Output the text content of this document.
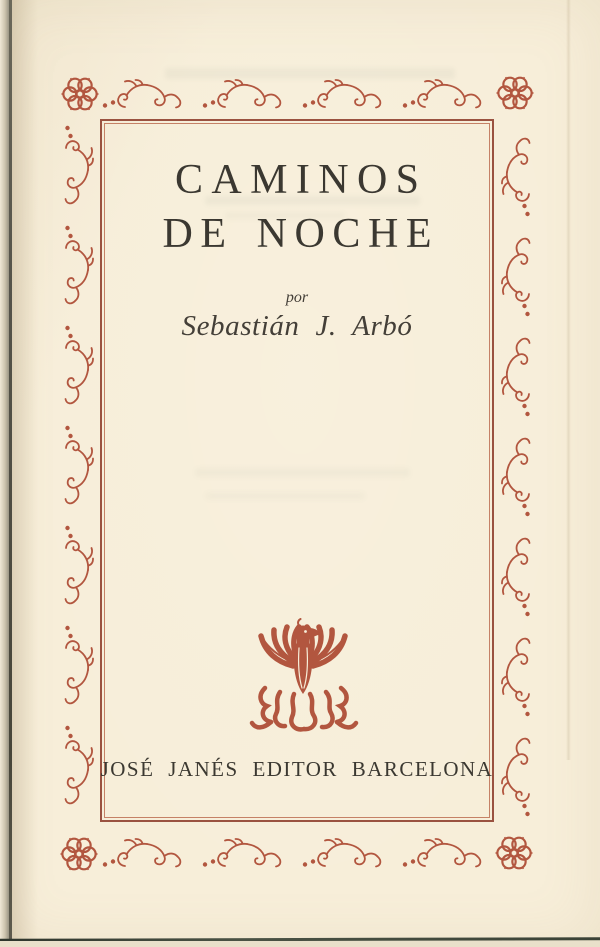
CAMINOS
DE NOCHE
por
Sebastián J. Arbó
JOSÉ JANÉS EDITOR BARCELONA
